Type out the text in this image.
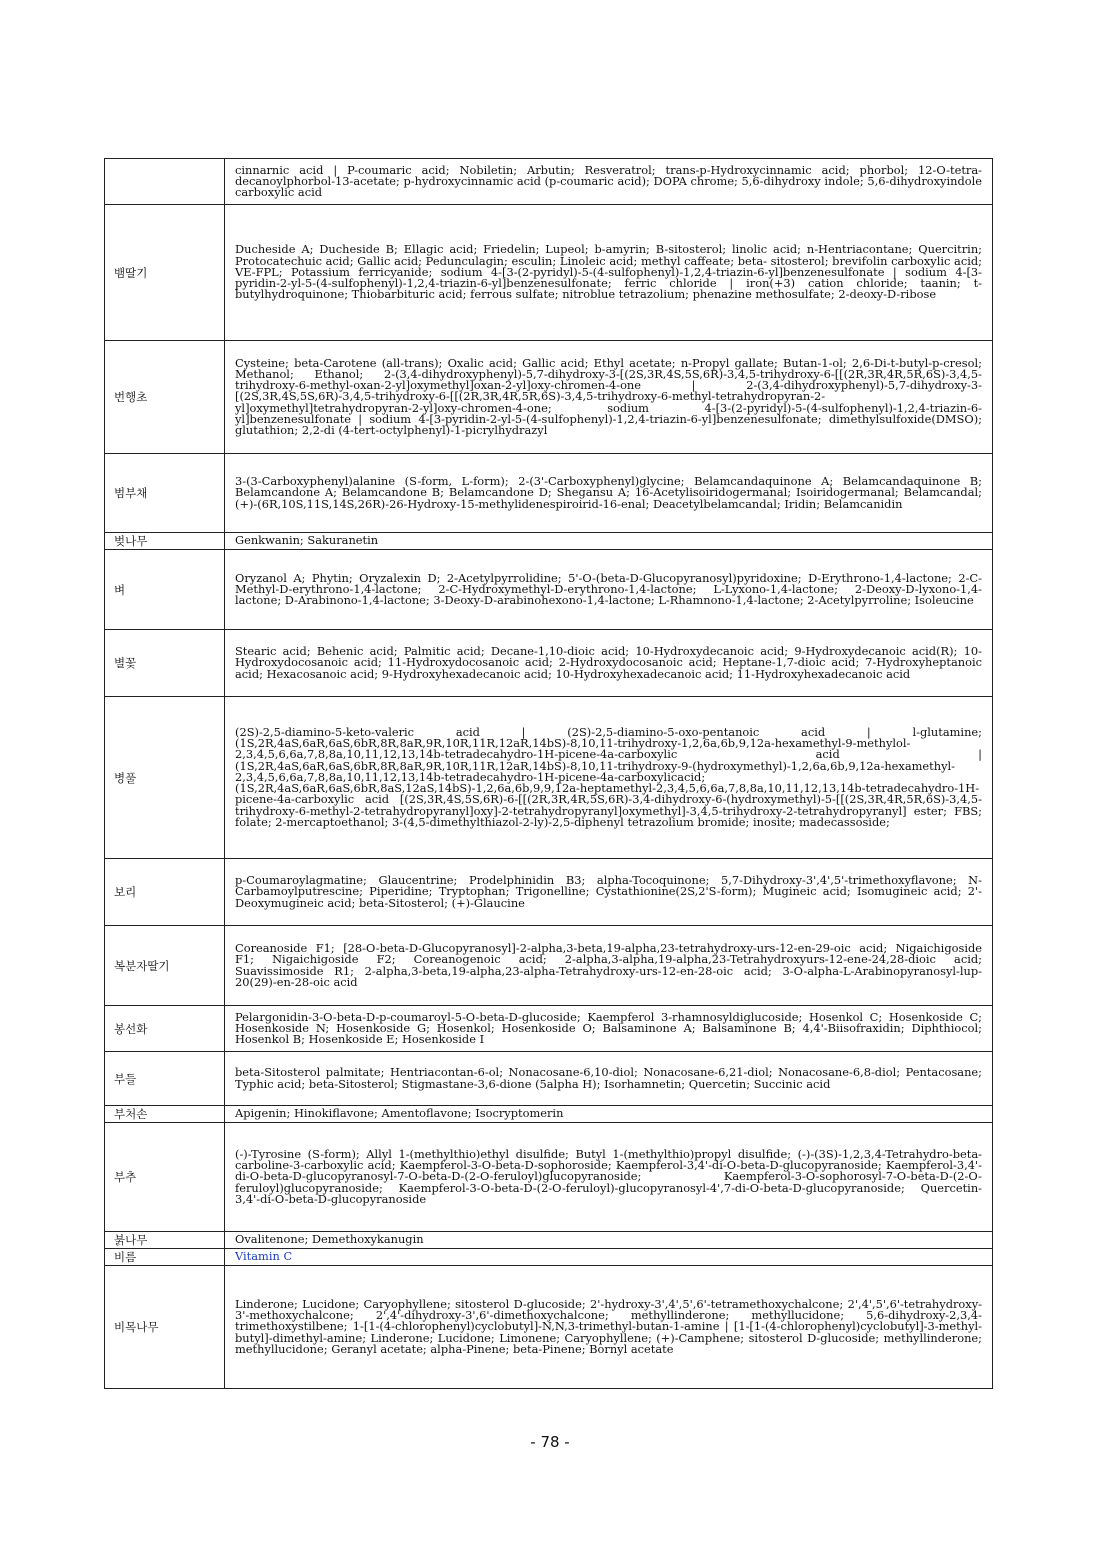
	cinnarnic acid | P-coumaric acid; Nobiletin; Arbutin; Resveratrol; trans-p-Hydroxycinnamic acid; phorbol; 12-O-tetra-decanoylphorbol-13-acetate; p-hydroxycinnamic acid (p-coumaric acid); DOPA chrome; 5,6-dihydroxy indole; 5,6-dihydroxyindole carboxylic acid
뱀딸기	Ducheside A; Ducheside B; Ellagic acid; Friedelin; Lupeol; b-amyrin; B-sitosterol; linolic acid; n-Hentriacontane; Quercitrin; Protocatechuic acid; Gallic acid; Pedunculagin; esculin; Linoleic acid; methyl caffeate; beta- sitosterol; brevifolin carboxylic acid; VE-FPL; Potassium ferricyanide; sodium 4-[3-(2-pyridyl)-5-(4-sulfophenyl)-1,2,4-triazin-6-yl]benzenesulfonate | sodium 4-[3-pyridin-2-yl-5-(4-sulfophenyl)-1,2,4-triazin-6-yl]benzenesulfonate; ferric chloride | iron(+3) cation chloride; taanin; t-butylhydroquinone; Thiobarbituric acid; ferrous sulfate; nitroblue tetrazolium; phenazine methosulfate; 2-deoxy-D-ribose
번행초	Cysteine; beta-Carotene (all-trans); Oxalic acid; Gallic acid; Ethyl acetate; n-Propyl gallate; Butan-1-ol; 2,6-Di-t-butyl-p-cresol; Methanol; Ethanol; 2-(3,4-dihydroxyphenyl)-5,7-dihydroxy-3-[(2S,3R,4S,5S,6R)-3,4,5-trihydroxy-6-[[(2R,3R,4R,5R,6S)-3,4,5-trihydroxy-6-methyl-oxan-2-yl]oxymethyl]oxan-2-yl]oxy-chromen-4-one | 2-(3,4-dihydroxyphenyl)-5,7-dihydroxy-3-[(2S,3R,4S,5S,6R)-3,4,5-trihydroxy-6-[[(2R,3R,4R,5R,6S)-3,4,5-trihydroxy-6-methyl-tetrahydropyran-2-yl]oxymethyl]tetrahydropyran-2-yl]oxy-chromen-4-one; sodium 4-[3-(2-pyridyl)-5-(4-sulfophenyl)-1,2,4-triazin-6-yl]benzenesulfonate | sodium 4-[3-pyridin-2-yl-5-(4-sulfophenyl)-1,2,4-triazin-6-yl]benzenesulfonate; dimethylsulfoxide(DMSO); glutathion; 2,2-di (4-tert-octylphenyl)-1-picrylhydrazyl
범부채	3-(3-Carboxyphenyl)alanine (S-form, L-form); 2-(3'-Carboxyphenyl)glycine; Belamcandaquinone A; Belamcandaquinone B; Belamcandone A; Belamcandone B; Belamcandone D; Shegansu A; 16-Acetylisoiridogermanal; Isoiridogermanal; Belamcandal; (+)-(6R,10S,11S,14S,26R)-26-Hydroxy-15-methylidenespiroirid-16-enal; Deacetylbelamcandal; Iridin; Belamcanidin
벚나무	Genkwanin; Sakuranetin
벼	Oryzanol A; Phytin; Oryzalexin D; 2-Acetylpyrrolidine; 5'-O-(beta-D-Glucopyranosyl)pyridoxine; D-Erythrono-1,4-lactone; 2-C-Methyl-D-erythrono-1,4-lactone; 2-C-Hydroxymethyl-D-erythrono-1,4-lactone; L-Lyxono-1,4-lactone; 2-Deoxy-D-lyxono-1,4-lactone; D-Arabinono-1,4-lactone; 3-Deoxy-D-arabinohexono-1,4-lactone; L-Rhamnono-1,4-lactone; 2-Acetylpyrroline; Isoleucine
별꽃	Stearic acid; Behenic acid; Palmitic acid; Decane-1,10-dioic acid; 10-Hydroxydecanoic acid; 9-Hydroxydecanoic acid(R); 10-Hydroxydocosanoic acid; 11-Hydroxydocosanoic acid; 2-Hydroxydocosanoic acid; Heptane-1,7-dioic acid; 7-Hydroxyheptanoic acid; Hexacosanoic acid; 9-Hydroxyhexadecanoic acid; 10-Hydroxyhexadecanoic acid; 11-Hydroxyhexadecanoic acid
병풀	(2S)-2,5-diamino-5-keto-valeric acid | (2S)-2,5-diamino-5-oxo-pentanoic acid | l-glutamine; (1S,2R,4aS,6aR,6aS,6bR,8R,8aR,9R,10R,11R,12aR,14bS)-8,10,11-trihydroxy-1,2,6a,6b,9,12a-hexamethyl-9-methylol-2,3,4,5,6,6a,7,8,8a,10,11,12,13,14b-tetradecahydro-1H-picene-4a-carboxylic acid |(1S,2R,4aS,6aR,6aS,6bR,8R,8aR,9R,10R,11R,12aR,14bS)-8,10,11-trihydroxy-9-(hydroxymethyl)-1,2,6a,6b,9,12a-hexamethyl-2,3,4,5,6,6a,7,8,8a,10,11,12,13,14b-tetradecahydro-1H-picene-4a-carboxylicacid;(1S,2R,4aS,6aR,6aS,6bR,8aS,12aS,14bS)-1,2,6a,6b,9,9,12a-heptamethyl-2,3,4,5,6,6a,7,8,8a,10,11,12,13,14b-tetradecahydro-1H-picene-4a-carboxylic acid [(2S,3R,4S,5S,6R)-6-[[(2R,3R,4R,5S,6R)-3,4-dihydroxy-6-(hydroxymethyl)-5-[[(2S,3R,4R,5R,6S)-3,4,5-trihydroxy-6-methyl-2-tetrahydropyranyl]oxy]-2-tetrahydropyranyl]oxymethyl]-3,4,5-trihydroxy-2-tetrahydropyranyl] ester; FBS; folate; 2-mercaptoethanol; 3-(4,5-dimethylthiazol-2-ly)-2,5-diphenyl tetrazolium bromide; inosite; madecassoside;
보리	p-Coumaroylagmatine; Glaucentrine; Prodelphinidin B3; alpha-Tocoquinone; 5,7-Dihydroxy-3',4',5'-trimethoxyflavone; N-Carbamoylputrescine; Piperidine; Tryptophan; Trigonelline; Cystathionine(2S,2'S-form); Mugineic acid; Isomugineic acid; 2'-Deoxymugineic acid; beta-Sitosterol; (+)-Glaucine
복분자딸기	Coreanoside F1; [28-O-beta-D-Glucopyranosyl]-2-alpha,3-beta,19-alpha,23-tetrahydroxy-urs-12-en-29-oic acid; Nigaichigoside F1; Nigaichigoside F2; Coreanogenoic acid; 2-alpha,3-alpha,19-alpha,23-Tetrahydroxyurs-12-ene-24,28-dioic acid; Suavissimoside R1; 2-alpha,3-beta,19-alpha,23-alpha-Tetrahydroxy-urs-12-en-28-oic acid; 3-O-alpha-L-Arabinopyranosyl-lup-20(29)-en-28-oic acid
봉선화	Pelargonidin-3-O-beta-D-p-coumaroyl-5-O-beta-D-glucoside; Kaempferol 3-rhamnosyldiglucoside; Hosenkol C; Hosenkoside C; Hosenkoside N; Hosenkoside G; Hosenkol; Hosenkoside O; Balsaminone A; Balsaminone B; 4,4'-Biisofraxidin; Diphthiocol; Hosenkol B; Hosenkoside E; Hosenkoside I
부들	beta-Sitosterol palmitate; Hentriacontan-6-ol; Nonacosane-6,10-diol; Nonacosane-6,21-diol; Nonacosane-6,8-diol; Pentacosane; Typhic acid; beta-Sitosterol; Stigmastane-3,6-dione (5alpha H); Isorhamnetin; Quercetin; Succinic acid
부처손	Apigenin; Hinokiflavone; Amentoflavone; Isocryptomerin
부추	(-)-Tyrosine (S-form); Allyl 1-(methylthio)ethyl disulfide; Butyl 1-(methylthio)propyl disulfide; (-)-(3S)-1,2,3,4-Tetrahydro-beta-carboline-3-carboxylic acid; Kaempferol-3-O-beta-D-sophoroside; Kaempferol-3,4'-di-O-beta-D-glucopyranoside; Kaempferol-3,4'-di-O-beta-D-glucopyranosyl-7-O-beta-D-(2-O-feruloyl)glucopyranoside; Kaempferol-3-O-sophorosyl-7-O-beta-D-(2-O-feruloyl)glucopyranoside; Kaempferol-3-O-beta-D-(2-O-feruloyl)-glucopyranosyl-4',7-di-O-beta-D-glucopyranoside; Quercetin-3,4'-di-O-beta-D-glucopyranoside
붉나무	Ovalitenone; Demethoxykanugin
비름	Vitamin C
비목나무	Linderone; Lucidone; Caryophyllene; sitosterol D-glucoside; 2'-hydroxy-3',4',5',6'-tetramethoxychalcone; 2',4',5',6'-tetrahydroxy-3'-methoxychalcone; 2',4'-dihydroxy-3',6'-dimethoxychalcone; methyllinderone; methyllucidone; 5,6-dihydroxy-2,3,4-trimethoxystilbene; 1-[1-(4-chlorophenyl)cyclobutyl]-N,N,3-trimethyl-butan-1-amine | [1-[1-(4-chlorophenyl)cyclobutyl]-3-methyl-butyl]-dimethyl-amine; Linderone; Lucidone; Limonene; Caryophyllene; (+)-Camphene; sitosterol D-glucoside; methyllinderone; methyllucidone; Geranyl acetate; alpha-Pinene; beta-Pinene; Bornyl acetate
- 78 -
